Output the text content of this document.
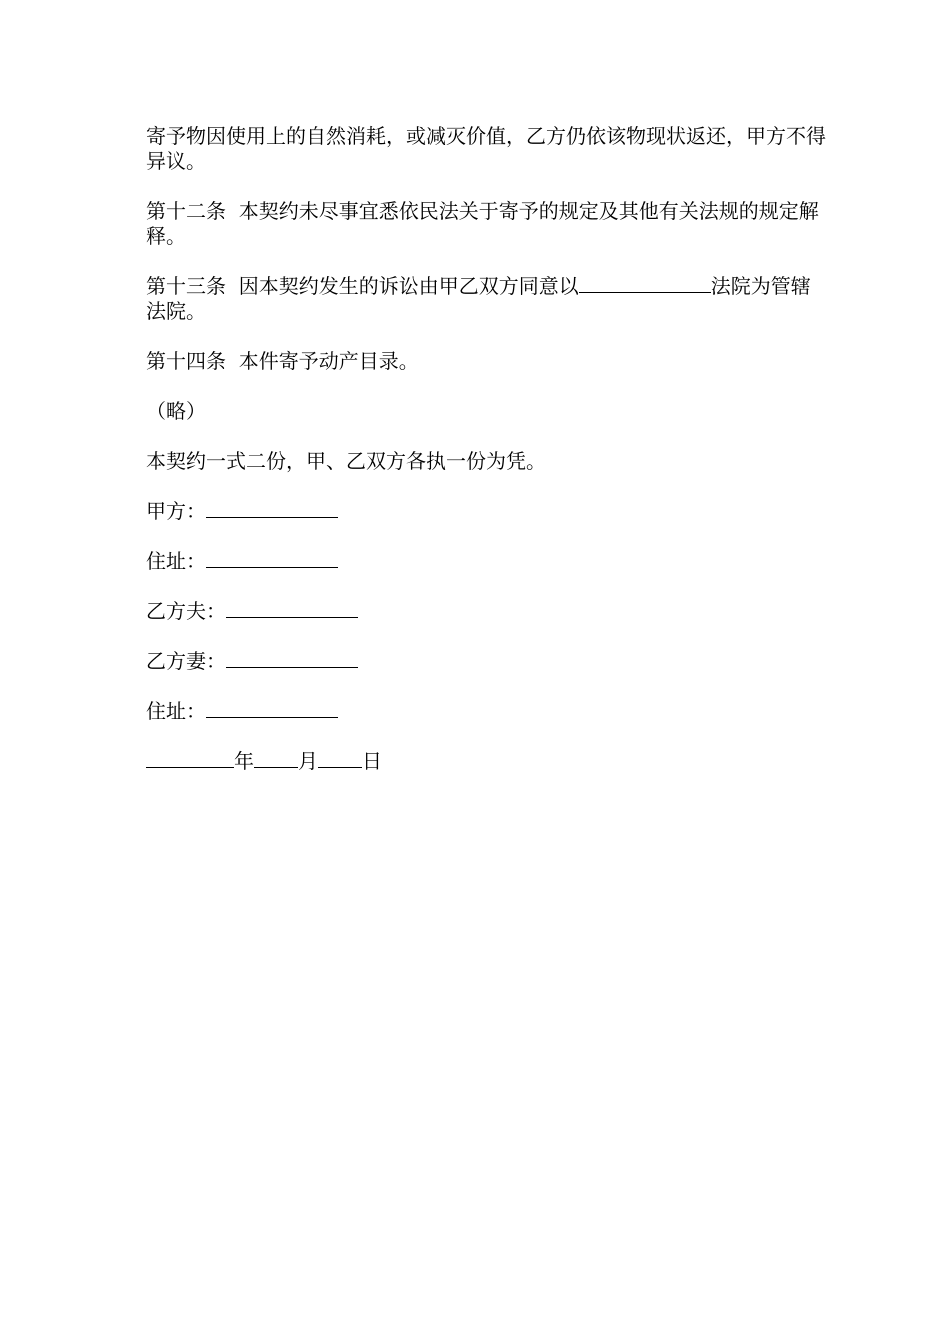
寄予物因使用上的自然消耗，或减灭价值，乙方仍依该物现状返还，甲方不得异议。

第十二条  本契约未尽事宜悉依民法关于寄予的规定及其他有关法规的规定解释。

第十三条  因本契约发生的诉讼由甲乙双方同意以	法院为管辖法院。

第十四条  本件寄予动产目录。

（略）

本契约一式二份，甲、乙双方各执一份为凭。

甲方：

住址：

乙方夫：

乙方妻：

住址：

年 月 日
